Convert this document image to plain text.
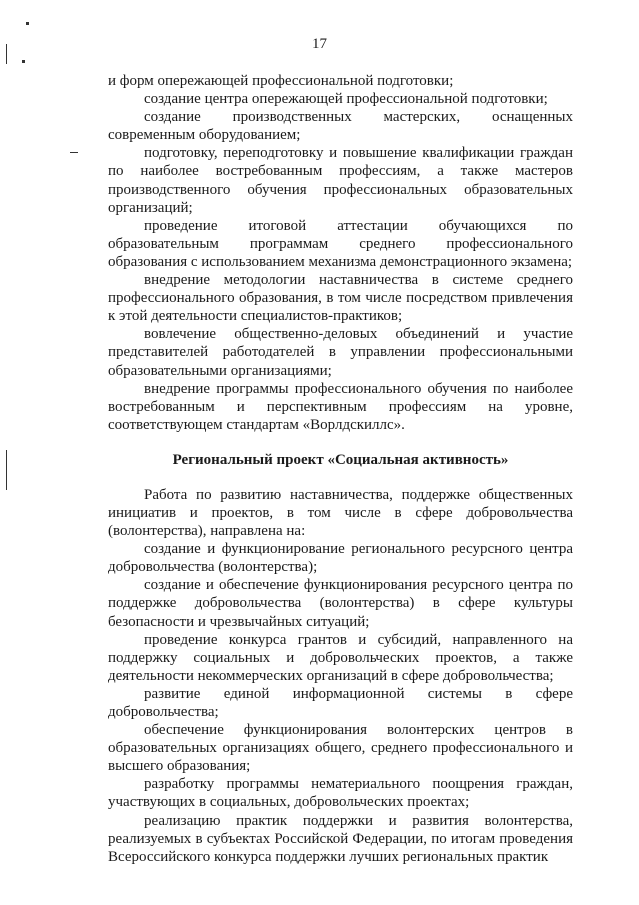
17

и форм опережающей профессиональной подготовки;

создание центра опережающей профессиональной подготовки;

создание производственных мастерских, оснащенных современным оборудованием;

подготовку, переподготовку и повышение квалификации граждан по наиболее востребованным профессиям, а также мастеров производственного обучения профессиональных образовательных организаций;

проведение итоговой аттестации обучающихся по образовательным программам среднего профессионального образования с использованием механизма демонстрационного экзамена;

внедрение методологии наставничества в системе среднего профессионального образования, в том числе посредством привлечения к этой деятельности специалистов-практиков;

вовлечение общественно-деловых объединений и участие представителей работодателей в управлении профессиональными образовательными организациями;

внедрение программы профессионального обучения по наиболее востребованным и перспективным профессиям на уровне, соответствующем стандартам «Ворлдскиллс».

Региональный проект «Социальная активность»

Работа по развитию наставничества, поддержке общественных инициатив и проектов, в том числе в сфере добровольчества (волонтерства), направлена на:

создание и функционирование регионального ресурсного центра добровольчества (волонтерства);

создание и обеспечение функционирования ресурсного центра по поддержке добровольчества (волонтерства) в сфере культуры безопасности и чрезвычайных ситуаций;

проведение конкурса грантов и субсидий, направленного на поддержку социальных и добровольческих проектов, а также деятельности некоммерческих организаций в сфере добровольчества;

развитие единой информационной системы в сфере добровольчества;

обеспечение функционирования волонтерских центров в образовательных организациях общего, среднего профессионального и высшего образования;

разработку программы нематериального поощрения граждан, участвующих в социальных, добровольческих проектах;

реализацию практик поддержки и развития волонтерства, реализуемых в субъектах Российской Федерации, по итогам проведения Всероссийского конкурса поддержки лучших региональных практик
